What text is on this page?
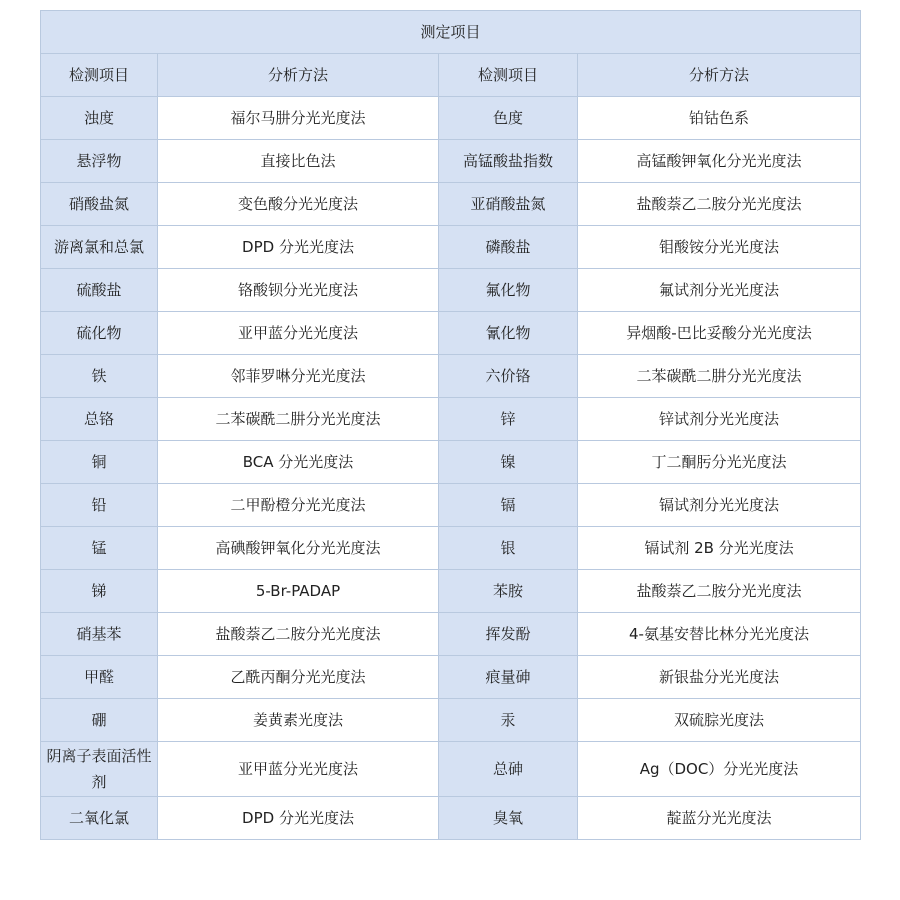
测定项目			
检测项目	分析方法	检测项目	分析方法
浊度	福尔马肼分光光度法	色度	铂钴色系
悬浮物	直接比色法	高锰酸盐指数	高锰酸钾氧化分光光度法
硝酸盐氮	变色酸分光光度法	亚硝酸盐氮	盐酸萘乙二胺分光光度法
游离氯和总氯	DPD 分光光度法	磷酸盐	钼酸铵分光光度法
硫酸盐	铬酸钡分光光度法	氟化物	氟试剂分光光度法
硫化物	亚甲蓝分光光度法	氰化物	异烟酸-巴比妥酸分光光度法
铁	邻菲罗啉分光光度法	六价铬	二苯碳酰二肼分光光度法
总铬	二苯碳酰二肼分光光度法	锌	锌试剂分光光度法
铜	BCA 分光光度法	镍	丁二酮肟分光光度法
铅	二甲酚橙分光光度法	镉	镉试剂分光光度法
锰	高碘酸钾氧化分光光度法	银	镉试剂 2B 分光光度法
锑	5-Br-PADAP	苯胺	盐酸萘乙二胺分光光度法
硝基苯	盐酸萘乙二胺分光光度法	挥发酚	4-氨基安替比林分光光度法
甲醛	乙酰丙酮分光光度法	痕量砷	新银盐分光光度法
硼	姜黄素光度法	汞	双硫腙光度法
阴离子表面活性剂	亚甲蓝分光光度法	总砷	Ag（DOC）分光光度法
二氧化氯	DPD 分光光度法	臭氧	靛蓝分光光度法
